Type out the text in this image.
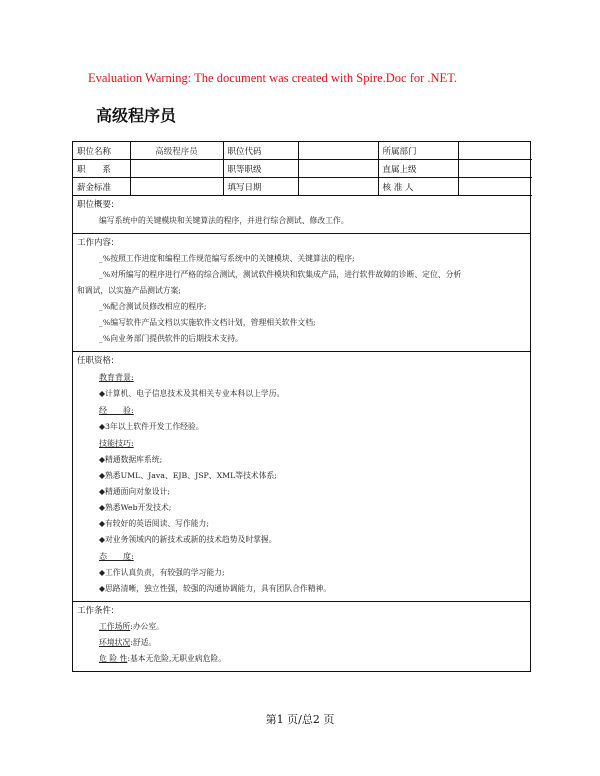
Evaluation Warning: The document was created with Spire.Doc for .NET.
高级程序员
职位名称	高级程序员	职位代码		所属部门	
职　　系		职等职级		直属上级	
薪金标准		填写日期		核 准 人	
职位概要:
编写系统中的关键模块和关键算法的程序，并进行综合测试、修改工作。
工作内容:
_%按照工作进度和编程工作规范编写系统中的关键模块、关键算法的程序;
_%对所编写的程序进行严格的综合测试，测试软件模块和软集成产品，进行软件故障的诊断、定位、分析
和调试，以实施产品测试方案;
_%配合测试员修改相应的程序;
_%编写软件产品文档以实施软件文档计划，管理相关软件文档;
_%向业务部门提供软件的后期技术支持。
任职资格:
教育背景:
◆计算机、电子信息技术及其相关专业本科以上学历。
经　　验:
◆3年以上软件开发工作经验。
技能技巧:
◆精通数据库系统;
◆熟悉UML、Java、EJB、JSP、XML等技术体系;
◆精通面向对象设计;
◆熟悉Web开发技术;
◆有较好的英语阅读、写作能力;
◆对业务领域内的新技术或新的技术趋势及时掌握。
态　　度:
◆工作认真负责，有较强的学习能力;
◆思路清晰，独立性强，较强的沟通协调能力，具有团队合作精神。
工作条件:
工作场所:办公室。
环境状况:舒适。
危 险 性:基本无危险,无职业病危险。
第1 页/总2 页
